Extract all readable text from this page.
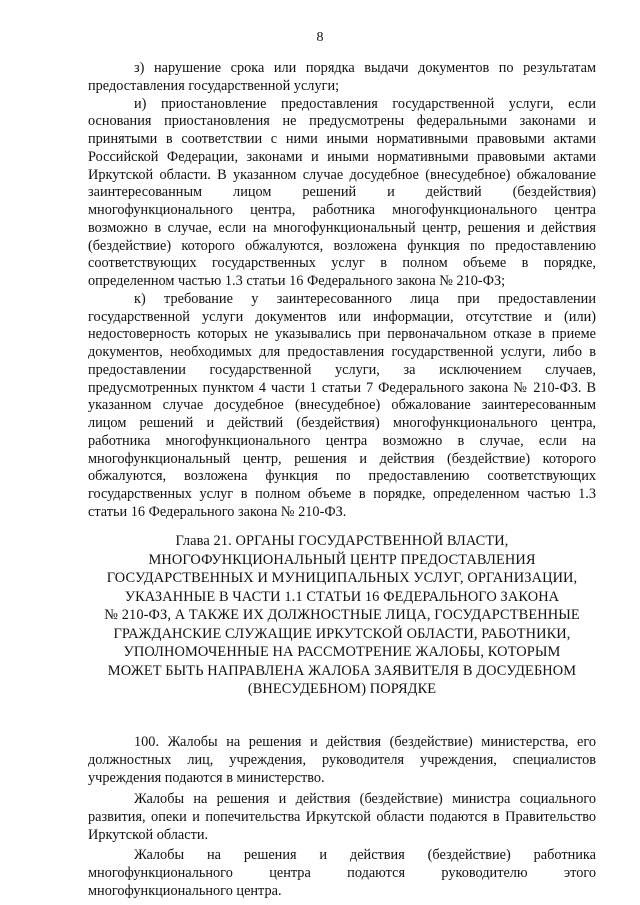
8

з) нарушение срока или порядка выдачи документов по результатам предоставления государственной услуги;

и) приостановление предоставления государственной услуги, если основания приостановления не предусмотрены федеральными законами и принятыми в соответствии с ними иными нормативными правовыми актами Российской Федерации, законами и иными нормативными правовыми актами Иркутской области. В указанном случае досудебное (внесудебное) обжалование заинтересованным лицом решений и действий (бездействия) многофункционального центра, работника многофункционального центра возможно в случае, если на многофункциональный центр, решения и действия (бездействие) которого обжалуются, возложена функция по предоставлению соответствующих государственных услуг в полном объеме в порядке, определенном частью 1.3 статьи 16 Федерального закона № 210-ФЗ;

к) требование у заинтересованного лица при предоставлении государственной услуги документов или информации, отсутствие и (или) недостоверность которых не указывались при первоначальном отказе в приеме документов, необходимых для предоставления государственной услуги, либо в предоставлении государственной услуги, за исключением случаев, предусмотренных пунктом 4 части 1 статьи 7 Федерального закона № 210-ФЗ. В указанном случае досудебное (внесудебное) обжалование заинтересованным лицом решений и действий (бездействия) многофункционального центра, работника многофункционального центра возможно в случае, если на многофункциональный центр, решения и действия (бездействие) которого обжалуются, возложена функция по предоставлению соответствующих государственных услуг в полном объеме в порядке, определенном частью 1.3 статьи 16 Федерального закона № 210-ФЗ.

Глава 21. ОРГАНЫ ГОСУДАРСТВЕННОЙ ВЛАСТИ,
МНОГОФУНКЦИОНАЛЬНЫЙ ЦЕНТР ПРЕДОСТАВЛЕНИЯ
ГОСУДАРСТВЕННЫХ И МУНИЦИПАЛЬНЫХ УСЛУГ, ОРГАНИЗАЦИИ,
УКАЗАННЫЕ В ЧАСТИ 1.1 СТАТЬИ 16 ФЕДЕРАЛЬНОГО ЗАКОНА
№ 210-ФЗ, А ТАКЖЕ ИХ ДОЛЖНОСТНЫЕ ЛИЦА, ГОСУДАРСТВЕННЫЕ
ГРАЖДАНСКИЕ СЛУЖАЩИЕ ИРКУТСКОЙ ОБЛАСТИ, РАБОТНИКИ,
УПОЛНОМОЧЕННЫЕ НА РАССМОТРЕНИЕ ЖАЛОБЫ, КОТОРЫМ
МОЖЕТ БЫТЬ НАПРАВЛЕНА ЖАЛОБА ЗАЯВИТЕЛЯ В ДОСУДЕБНОМ
(ВНЕСУДЕБНОМ) ПОРЯДКЕ

100. Жалобы на решения и действия (бездействие) министерства, его должностных лиц, учреждения, руководителя учреждения, специалистов учреждения подаются в министерство.

Жалобы на решения и действия (бездействие) министра социального развития, опеки и попечительства Иркутской области подаются в Правительство Иркутской области.

Жалобы на решения и действия (бездействие) работника многофункционального центра подаются руководителю этого многофункционального центра.
